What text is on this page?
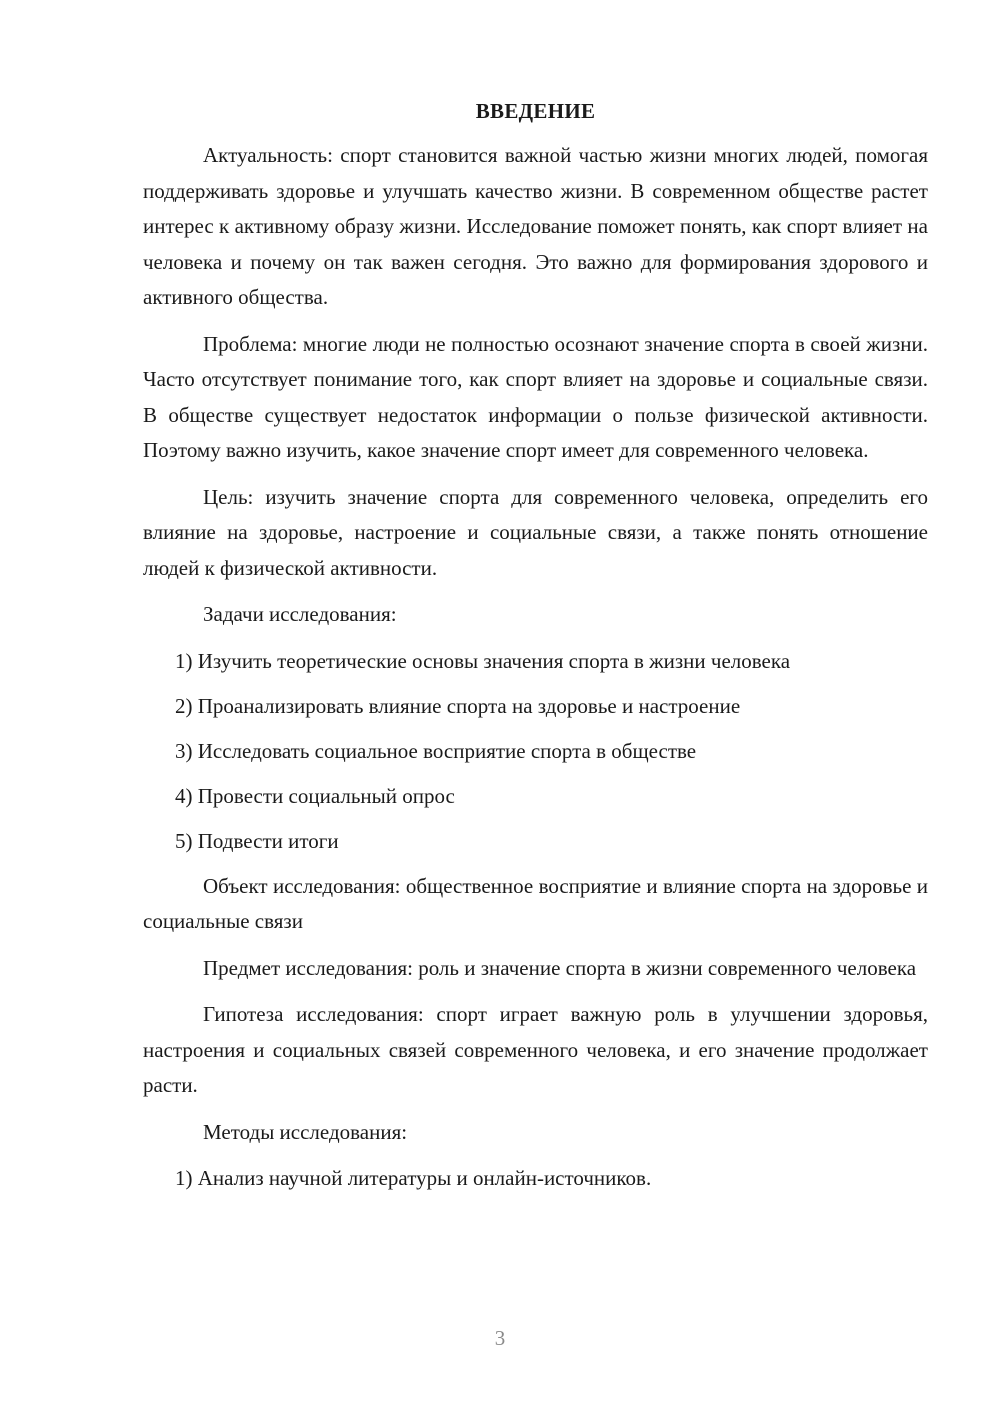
ВВЕДЕНИЕ

Актуальность: спорт становится важной частью жизни многих людей, помогая поддерживать здоровье и улучшать качество жизни. В современном обществе растет интерес к активному образу жизни. Исследование поможет понять, как спорт влияет на человека и почему он так важен сегодня. Это важно для формирования здорового и активного общества.

Проблема: многие люди не полностью осознают значение спорта в своей жизни. Часто отсутствует понимание того, как спорт влияет на здоровье и социальные связи. В обществе существует недостаток информации о пользе физической активности. Поэтому важно изучить, какое значение спорт имеет для современного человека.

Цель: изучить значение спорта для современного человека, определить его влияние на здоровье, настроение и социальные связи, а также понять отношение людей к физической активности.

Задачи исследования:

1) Изучить теоретические основы значения спорта в жизни человека
2) Проанализировать влияние спорта на здоровье и настроение
3) Исследовать социальное восприятие спорта в обществе
4) Провести социальный опрос
5) Подвести итоги

Объект исследования: общественное восприятие и влияние спорта на здоровье и социальные связи

Предмет исследования: роль и значение спорта в жизни современного человека

Гипотеза исследования: спорт играет важную роль в улучшении здоровья, настроения и социальных связей современного человека, и его значение продолжает расти.

Методы исследования:

1) Анализ научной литературы и онлайн-источников.
3
